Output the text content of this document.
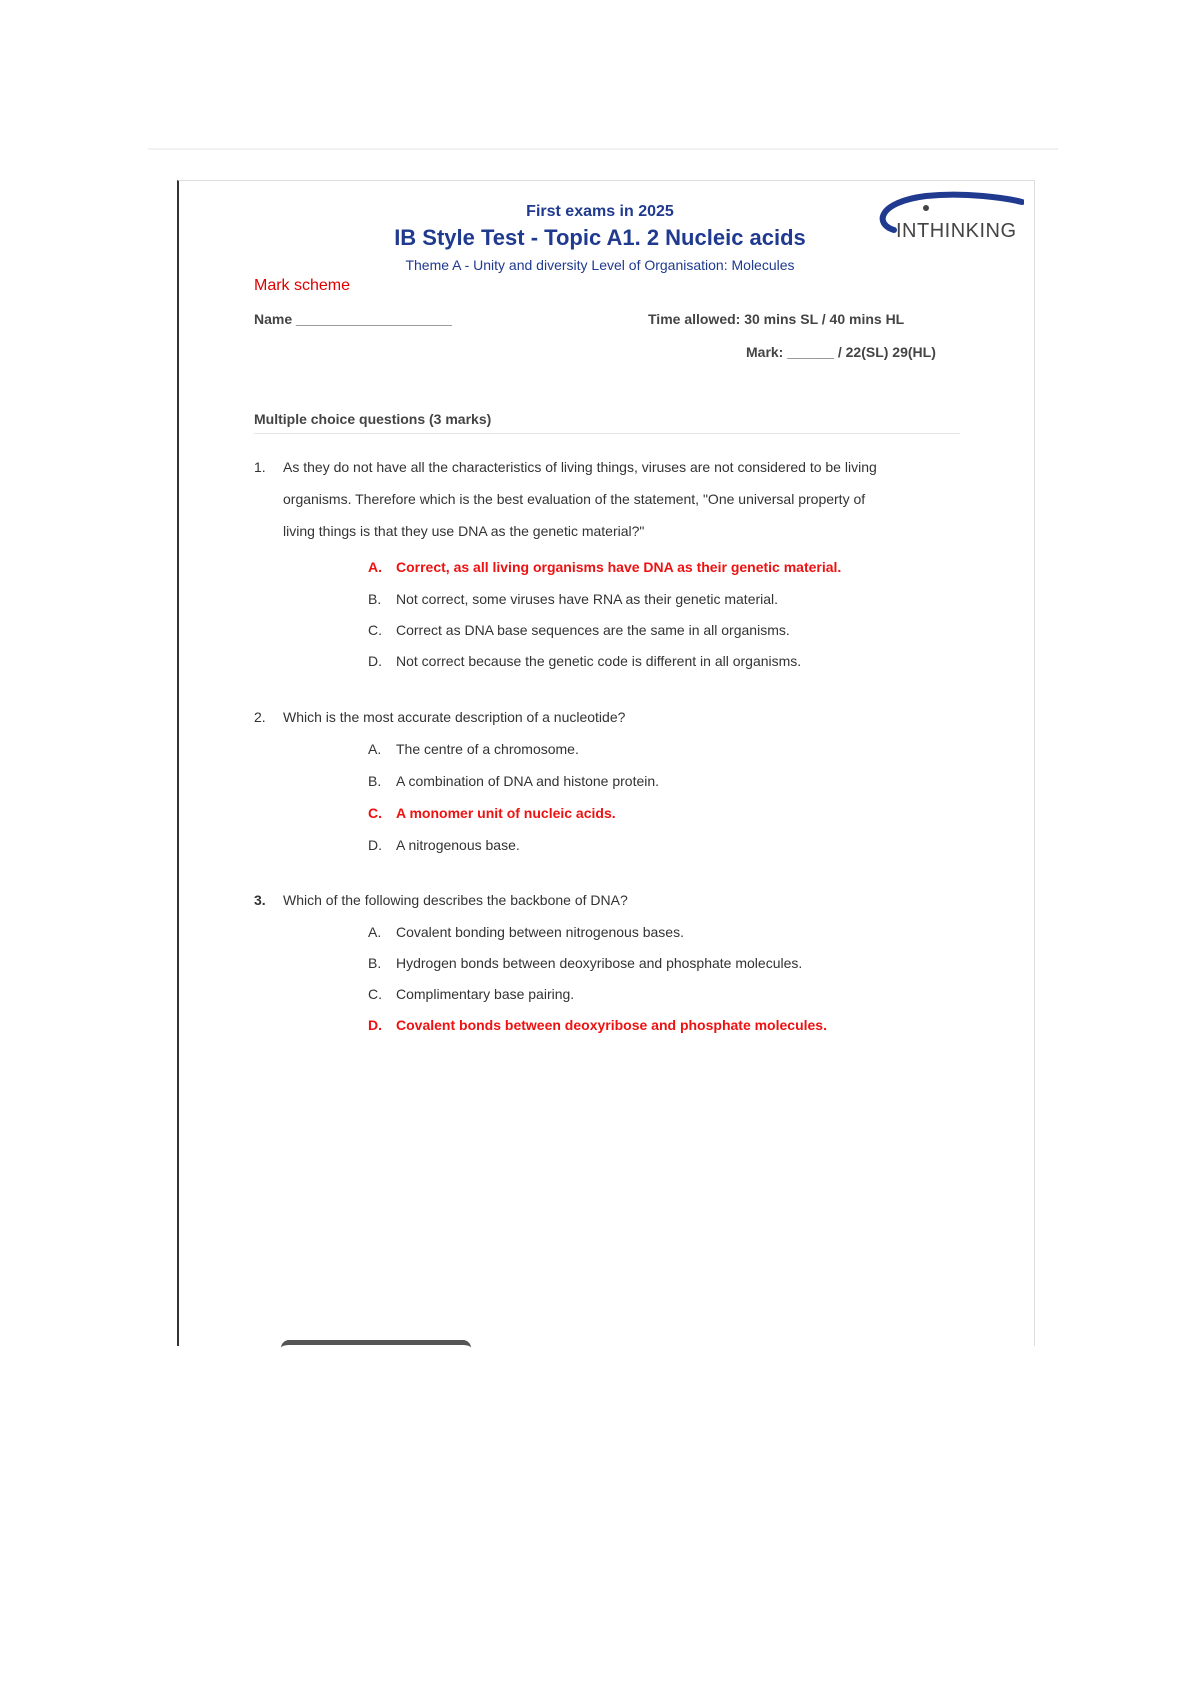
INTHINKING
First exams in 2025
IB Style Test - Topic A1. 2 Nucleic acids
Theme A - Unity and diversity Level of Organisation: Molecules
Mark scheme
Name ____________________	Time allowed: 30 mins SL / 40 mins HL
Mark: ______ / 22(SL) 29(HL)
Multiple choice questions (3 marks)
1. As they do not have all the characteristics of living things, viruses are not considered to be living
organisms. Therefore which is the best evaluation of the statement, "One universal property of
living things is that they use DNA as the genetic material?"
A. Correct, as all living organisms have DNA as their genetic material.
B. Not correct, some viruses have RNA as their genetic material.
C. Correct as DNA base sequences are the same in all organisms.
D. Not correct because the genetic code is different in all organisms.
2. Which is the most accurate description of a nucleotide?
A. The centre of a chromosome.
B. A combination of DNA and histone protein.
C. A monomer unit of nucleic acids.
D. A nitrogenous base.
3. Which of the following describes the backbone of DNA?
A. Covalent bonding between nitrogenous bases.
B. Hydrogen bonds between deoxyribose and phosphate molecules.
C. Complimentary base pairing.
D. Covalent bonds between deoxyribose and phosphate molecules.
